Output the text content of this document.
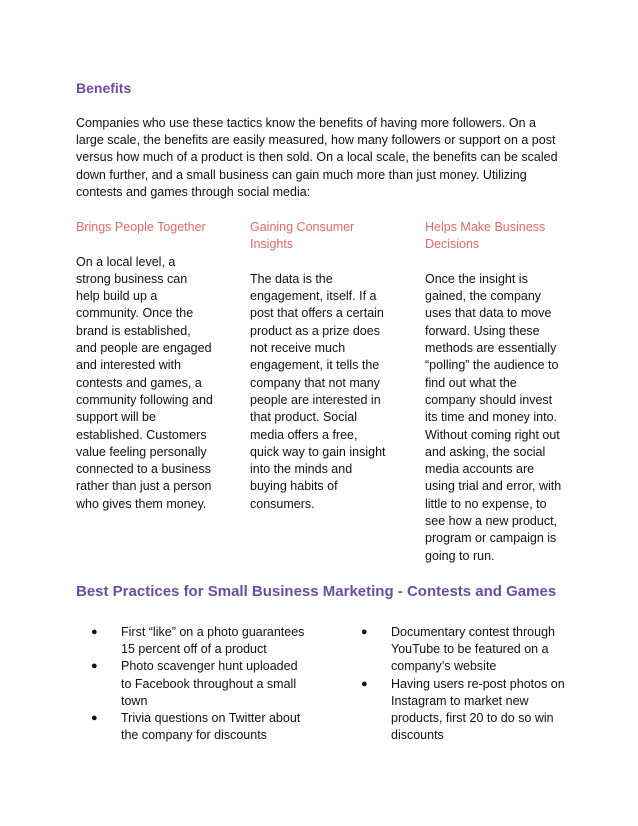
Benefits

Companies who use these tactics know the benefits of having more followers. On a
large scale, the benefits are easily measured, how many followers or support on a post
versus how much of a product is then sold. On a local scale, the benefits can be scaled
down further, and a small business can gain much more than just money. Utilizing
contests and games through social media:

Brings People Together

On a local level, a
strong business can
help build up a
community. Once the
brand is established,
and people are engaged
and interested with
contests and games, a
community following and
support will be
established. Customers
value feeling personally
connected to a business
rather than just a person
who gives them money.

Gaining Consumer
Insights

The data is the
engagement, itself. If a
post that offers a certain
product as a prize does
not receive much
engagement, it tells the
company that not many
people are interested in
that product. Social
media offers a free,
quick way to gain insight
into the minds and
buying habits of
consumers.

Helps Make Business
Decisions

Once the insight is
gained, the company
uses that data to move
forward. Using these
methods are essentially
“polling” the audience to
find out what the
company should invest
its time and money into.
Without coming right out
and asking, the social
media accounts are
using trial and error, with
little to no expense, to
see how a new product,
program or campaign is
going to run.

Best Practices for Small Business Marketing - Contests and Games
●	First “like” on a photo guarantees
15 percent off of a product
●	Photo scavenger hunt uploaded
to Facebook throughout a small
town
●	Trivia questions on Twitter about
the company for discounts
●	Documentary contest through
YouTube to be featured on a
company’s website
●	Having users re-post photos on
Instagram to market new
products, first 20 to do so win
discounts
